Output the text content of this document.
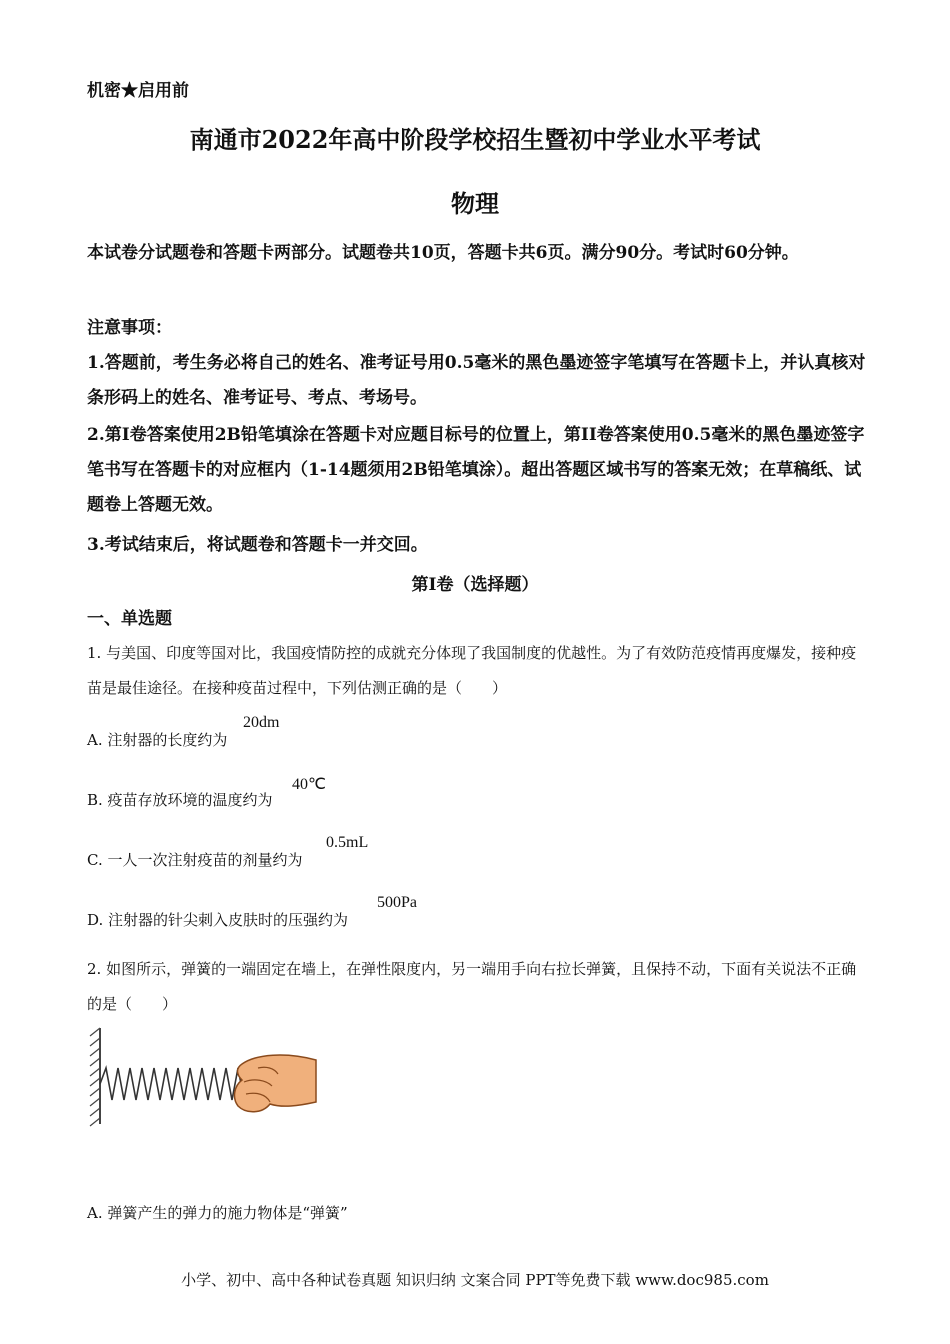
机密★启用前
南通市2022年高中阶段学校招生暨初中学业水平考试
物理
本试卷分试题卷和答题卡两部分。试题卷共10页，答题卡共6页。满分90分。考试时60分钟。
注意事项：
1.答题前，考生务必将自己的姓名、准考证号用0.5毫米的黑色墨迹签字笔填写在答题卡上，并认真核对条形码上的姓名、准考证号、考点、考场号。
2.第Ⅰ卷答案使用2B铅笔填涂在答题卡对应题目标号的位置上，第II卷答案使用0.5毫米的黑色墨迹签字笔书写在答题卡的对应框内（1-14题须用2B铅笔填涂）。超出答题区域书写的答案无效；在草稿纸、试题卷上答题无效。
3.考试结束后，将试题卷和答题卡一并交回。
第Ⅰ卷（选择题）
一、单选题
1. 与美国、印度等国对比，我国疫情防控的成就充分体现了我国制度的优越性。为了有效防范疫情再度爆发，接种疫苗是最佳途径。在接种疫苗过程中，下列估测正确的是（　　）
A. 注射器的长度约为
20dm
B. 疫苗存放环境的温度约为
40℃
C. 一人一次注射疫苗的剂量约为
0.5mL
D. 注射器的针尖刺入皮肤时的压强约为
500Pa
2. 如图所示，弹簧的一端固定在墙上，在弹性限度内，另一端用手向右拉长弹簧，且保持不动，下面有关说法不正确的是（　　）
A. 弹簧产生的弹力的施力物体是“弹簧”
小学、初中、高中各种试卷真题 知识归纳 文案合同 PPT等免费下载 www.doc985.com
